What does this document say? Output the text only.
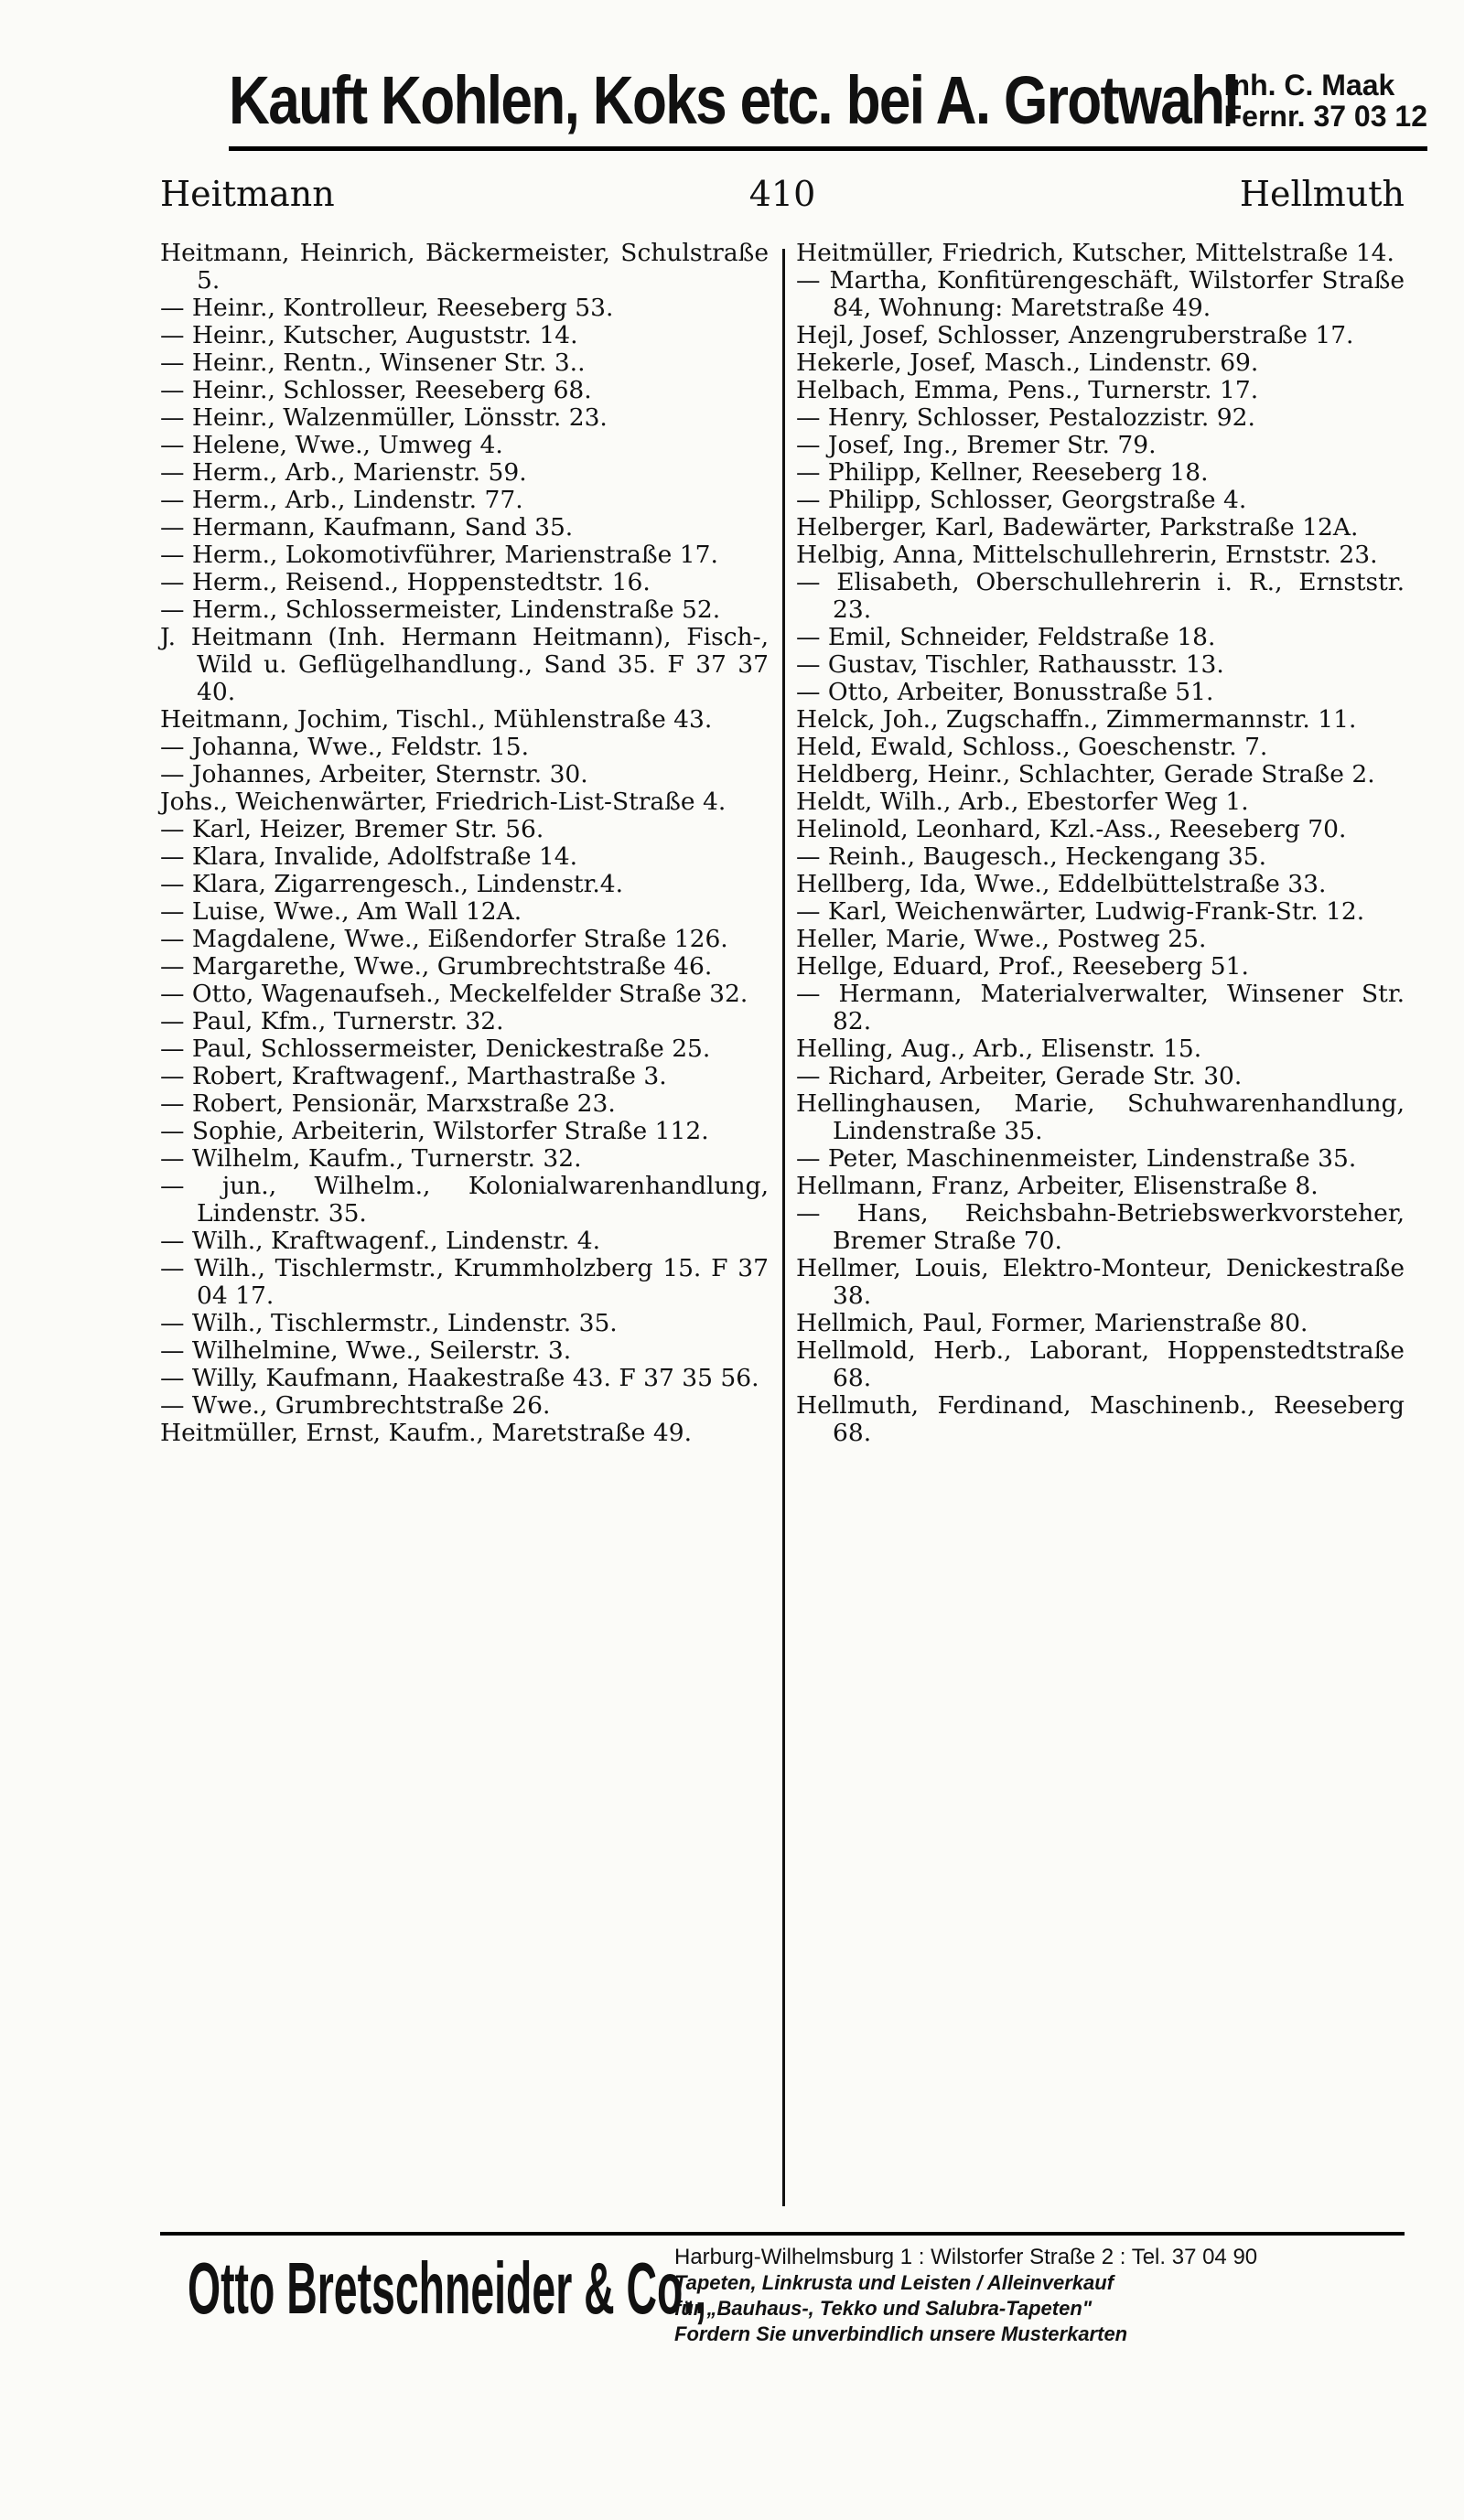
Kauft Kohlen, Koks etc. bei A. Grotwahl
Inh. C. Maak
Fernr. 37 03 12
Heitmann	410	Hellmuth

Heitmann, Heinrich, Bäckermeister, Schulstraße 5.

— Heinr., Kontrolleur, Reeseberg 53.

— Heinr., Kutscher, Auguststr. 14.

— Heinr., Rentn., Winsener Str. 3..

— Heinr., Schlosser, Reeseberg 68.

— Heinr., Walzenmüller, Lönsstr. 23.

— Helene, Wwe., Umweg 4.

— Herm., Arb., Marienstr. 59.

— Herm., Arb., Lindenstr. 77.

— Hermann, Kaufmann, Sand 35.

— Herm., Lokomotivführer, Marienstraße 17.

— Herm., Reisend., Hoppenstedtstr. 16.

— Herm., Schlossermeister, Lindenstraße 52.

J. Heitmann (Inh. Hermann Heitmann), Fisch-, Wild u. Geflügelhandlung., Sand 35. F 37 37 40.

Heitmann, Jochim, Tischl., Mühlenstraße 43.

— Johanna, Wwe., Feldstr. 15.

— Johannes, Arbeiter, Sternstr. 30.

Johs., Weichenwärter, Friedrich-List-Straße 4.

— Karl, Heizer, Bremer Str. 56.

— Klara, Invalide, Adolfstraße 14.

— Klara, Zigarrengesch., Lindenstr.4.

— Luise, Wwe., Am Wall 12A.

— Magdalene, Wwe., Eißendorfer Straße 126.

— Margarethe, Wwe., Grumbrechtstraße 46.

— Otto, Wagenaufseh., Meckelfelder Straße 32.

— Paul, Kfm., Turnerstr. 32.

— Paul, Schlossermeister, Denickestraße 25.

— Robert, Kraftwagenf., Marthastraße 3.

— Robert, Pensionär, Marxstraße 23.

— Sophie, Arbeiterin, Wilstorfer Straße 112.

— Wilhelm, Kaufm., Turnerstr. 32.

— jun., Wilhelm., Kolonialwarenhandlung, Lindenstr. 35.

— Wilh., Kraftwagenf., Lindenstr. 4.

— Wilh., Tischlermstr., Krummholzberg 15. F 37 04 17.

— Wilh., Tischlermstr., Lindenstr. 35.

— Wilhelmine, Wwe., Seilerstr. 3.

— Willy, Kaufmann, Haakestraße 43. F 37 35 56.

— Wwe., Grumbrechtstraße 26.

Heitmüller, Ernst, Kaufm., Maretstraße 49.

Heitmüller, Friedrich, Kutscher, Mittelstraße 14.

— Martha, Konfitürengeschäft, Wilstorfer Straße 84, Wohnung: Maretstraße 49.

Hejl, Josef, Schlosser, Anzengruberstraße 17.

Hekerle, Josef, Masch., Lindenstr. 69.

Helbach, Emma, Pens., Turnerstr. 17.

— Henry, Schlosser, Pestalozzistr. 92.

— Josef, Ing., Bremer Str. 79.

— Philipp, Kellner, Reeseberg 18.

— Philipp, Schlosser, Georgstraße 4.

Helberger, Karl, Badewärter, Parkstraße 12A.

Helbig, Anna, Mittelschullehrerin, Ernststr. 23.

— Elisabeth, Oberschullehrerin i. R., Ernststr. 23.

— Emil, Schneider, Feldstraße 18.

— Gustav, Tischler, Rathausstr. 13.

— Otto, Arbeiter, Bonusstraße 51.

Helck, Joh., Zugschaffn., Zimmermannstr. 11.

Held, Ewald, Schloss., Goeschenstr. 7.

Heldberg, Heinr., Schlachter, Gerade Straße 2.

Heldt, Wilh., Arb., Ebestorfer Weg 1.

Helinold, Leonhard, Kzl.-Ass., Reeseberg 70.

— Reinh., Baugesch., Heckengang 35.

Hellberg, Ida, Wwe., Eddelbüttelstraße 33.

— Karl, Weichenwärter, Ludwig-Frank-Str. 12.

Heller, Marie, Wwe., Postweg 25.

Hellge, Eduard, Prof., Reeseberg 51.

— Hermann, Materialverwalter, Winsener Str. 82.

Helling, Aug., Arb., Elisenstr. 15.

— Richard, Arbeiter, Gerade Str. 30.

Hellinghausen, Marie, Schuhwarenhandlung, Lindenstraße 35.

— Peter, Maschinenmeister, Lindenstraße 35.

Hellmann, Franz, Arbeiter, Elisenstraße 8.

— Hans, Reichsbahn-Betriebswerkvorsteher, Bremer Straße 70.

Hellmer, Louis, Elektro-Monteur, Denickestraße 38.

Hellmich, Paul, Former, Marienstraße 80.

Hellmold, Herb., Laborant, Hoppenstedtstraße 68.

Hellmuth, Ferdinand, Maschinenb., Reeseberg 68.

Otto Bretschneider & Co.,
Harburg-Wilhelmsburg 1 : Wilstorfer Straße 2 : Tel. 37 04 90
Tapeten, Linkrusta und Leisten / Alleinverkauf
für „Bauhaus-, Tekko und Salubra-Tapeten"
Fordern Sie unverbindlich unsere Musterkarten
